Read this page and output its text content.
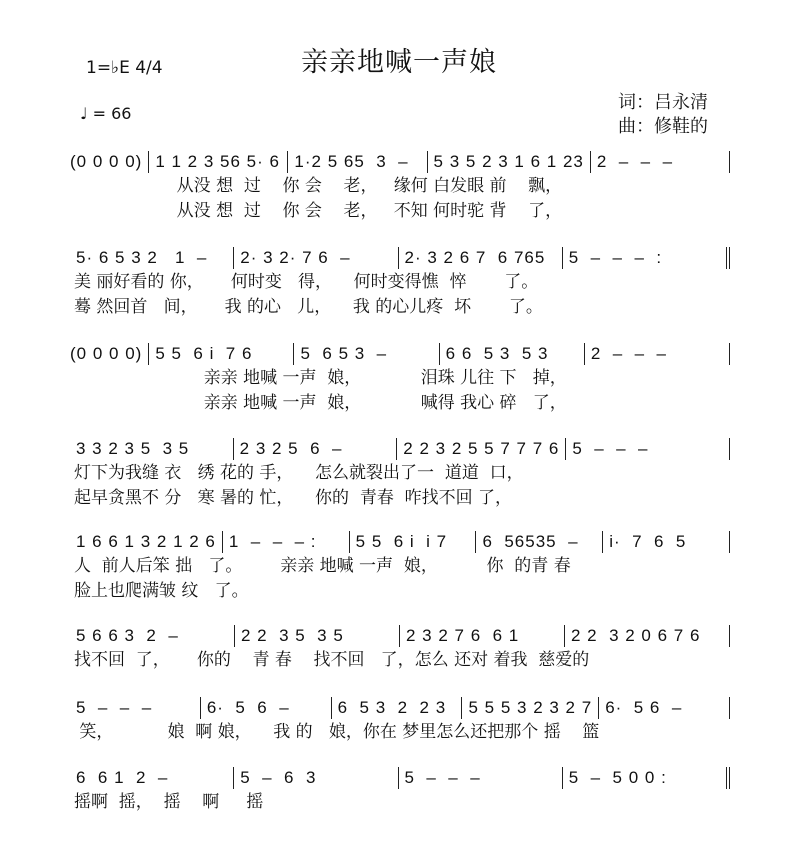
亲亲地喊一声娘
1=♭E 4/4
♩ = 66
词：吕永清
曲：修鞋的
(0 0 0 0) 1 1 2 3 56 5· 6 1·2 5 65  3  –	5 3 5 2 3 1 6 1 23 2  –  –  –
从没 想  过    你 会    老，   缘何 白发眼 前    飘，
从没 想  过    你 会    老，   不知 何时驼 背    了，
5· 6 5 3 2   1  –	2· 3 2· 7 6  –	2· 3 2 6 7  6 765	5  –  –  –  :
美 丽好看的 你，     何时变   得，    何时变得憔  悴       了。
蓦 然回首   间，     我 的心   儿，    我 的心儿疼  坏       了。
(0 0 0 0) 5 5  6 i  7 6	5  6 5 3  –	6 6  5 3  5 3	2  –  –  –
亲亲 地喊 一声  娘，           泪珠 儿往 下   掉，
亲亲 地喊 一声  娘，           喊得 我心 碎   了，
3 3 2 3 5  3 5	2 3 2 5  6  –	2 2 3 2 5 5 7 7 7 6 5  –  –  –
灯下为我缝 衣   绣 花的 手，    怎么就裂出了一  道道  口，
起早贪黑不 分   寒 暑的 忙，    你的  青春  咋找不回 了，
1 6 6 1 3 2 1 2 6 1  –  –  – :	5 5  6 i  i 7	6  56535  –	i·  7  6  5
人  前人后笨 拙   了。       亲亲 地喊 一声  娘，         你  的青 春
脸上也爬满皱 纹   了。
5 6 6 3  2  –	2 2  3 5  3 5	2 3 2 7 6  6 1	2 2  3 2 0 6 7 6
找不回  了，     你的    青 春    找不回   了，怎么 还对 着我  慈爱的
5  –  –  –	6·  5  6  –	6  5 3  2  2 3	5 5 5 3 2 3 2 7 6·  5 6  –
笑，          娘  啊 娘，    我 的   娘，你在 梦里怎么还把那个 摇    篮
6  6 1  2  –	5  –  6  3	5  –  –  –	5  –  5 0 0 :
摇啊  摇，  摇    啊     摇
